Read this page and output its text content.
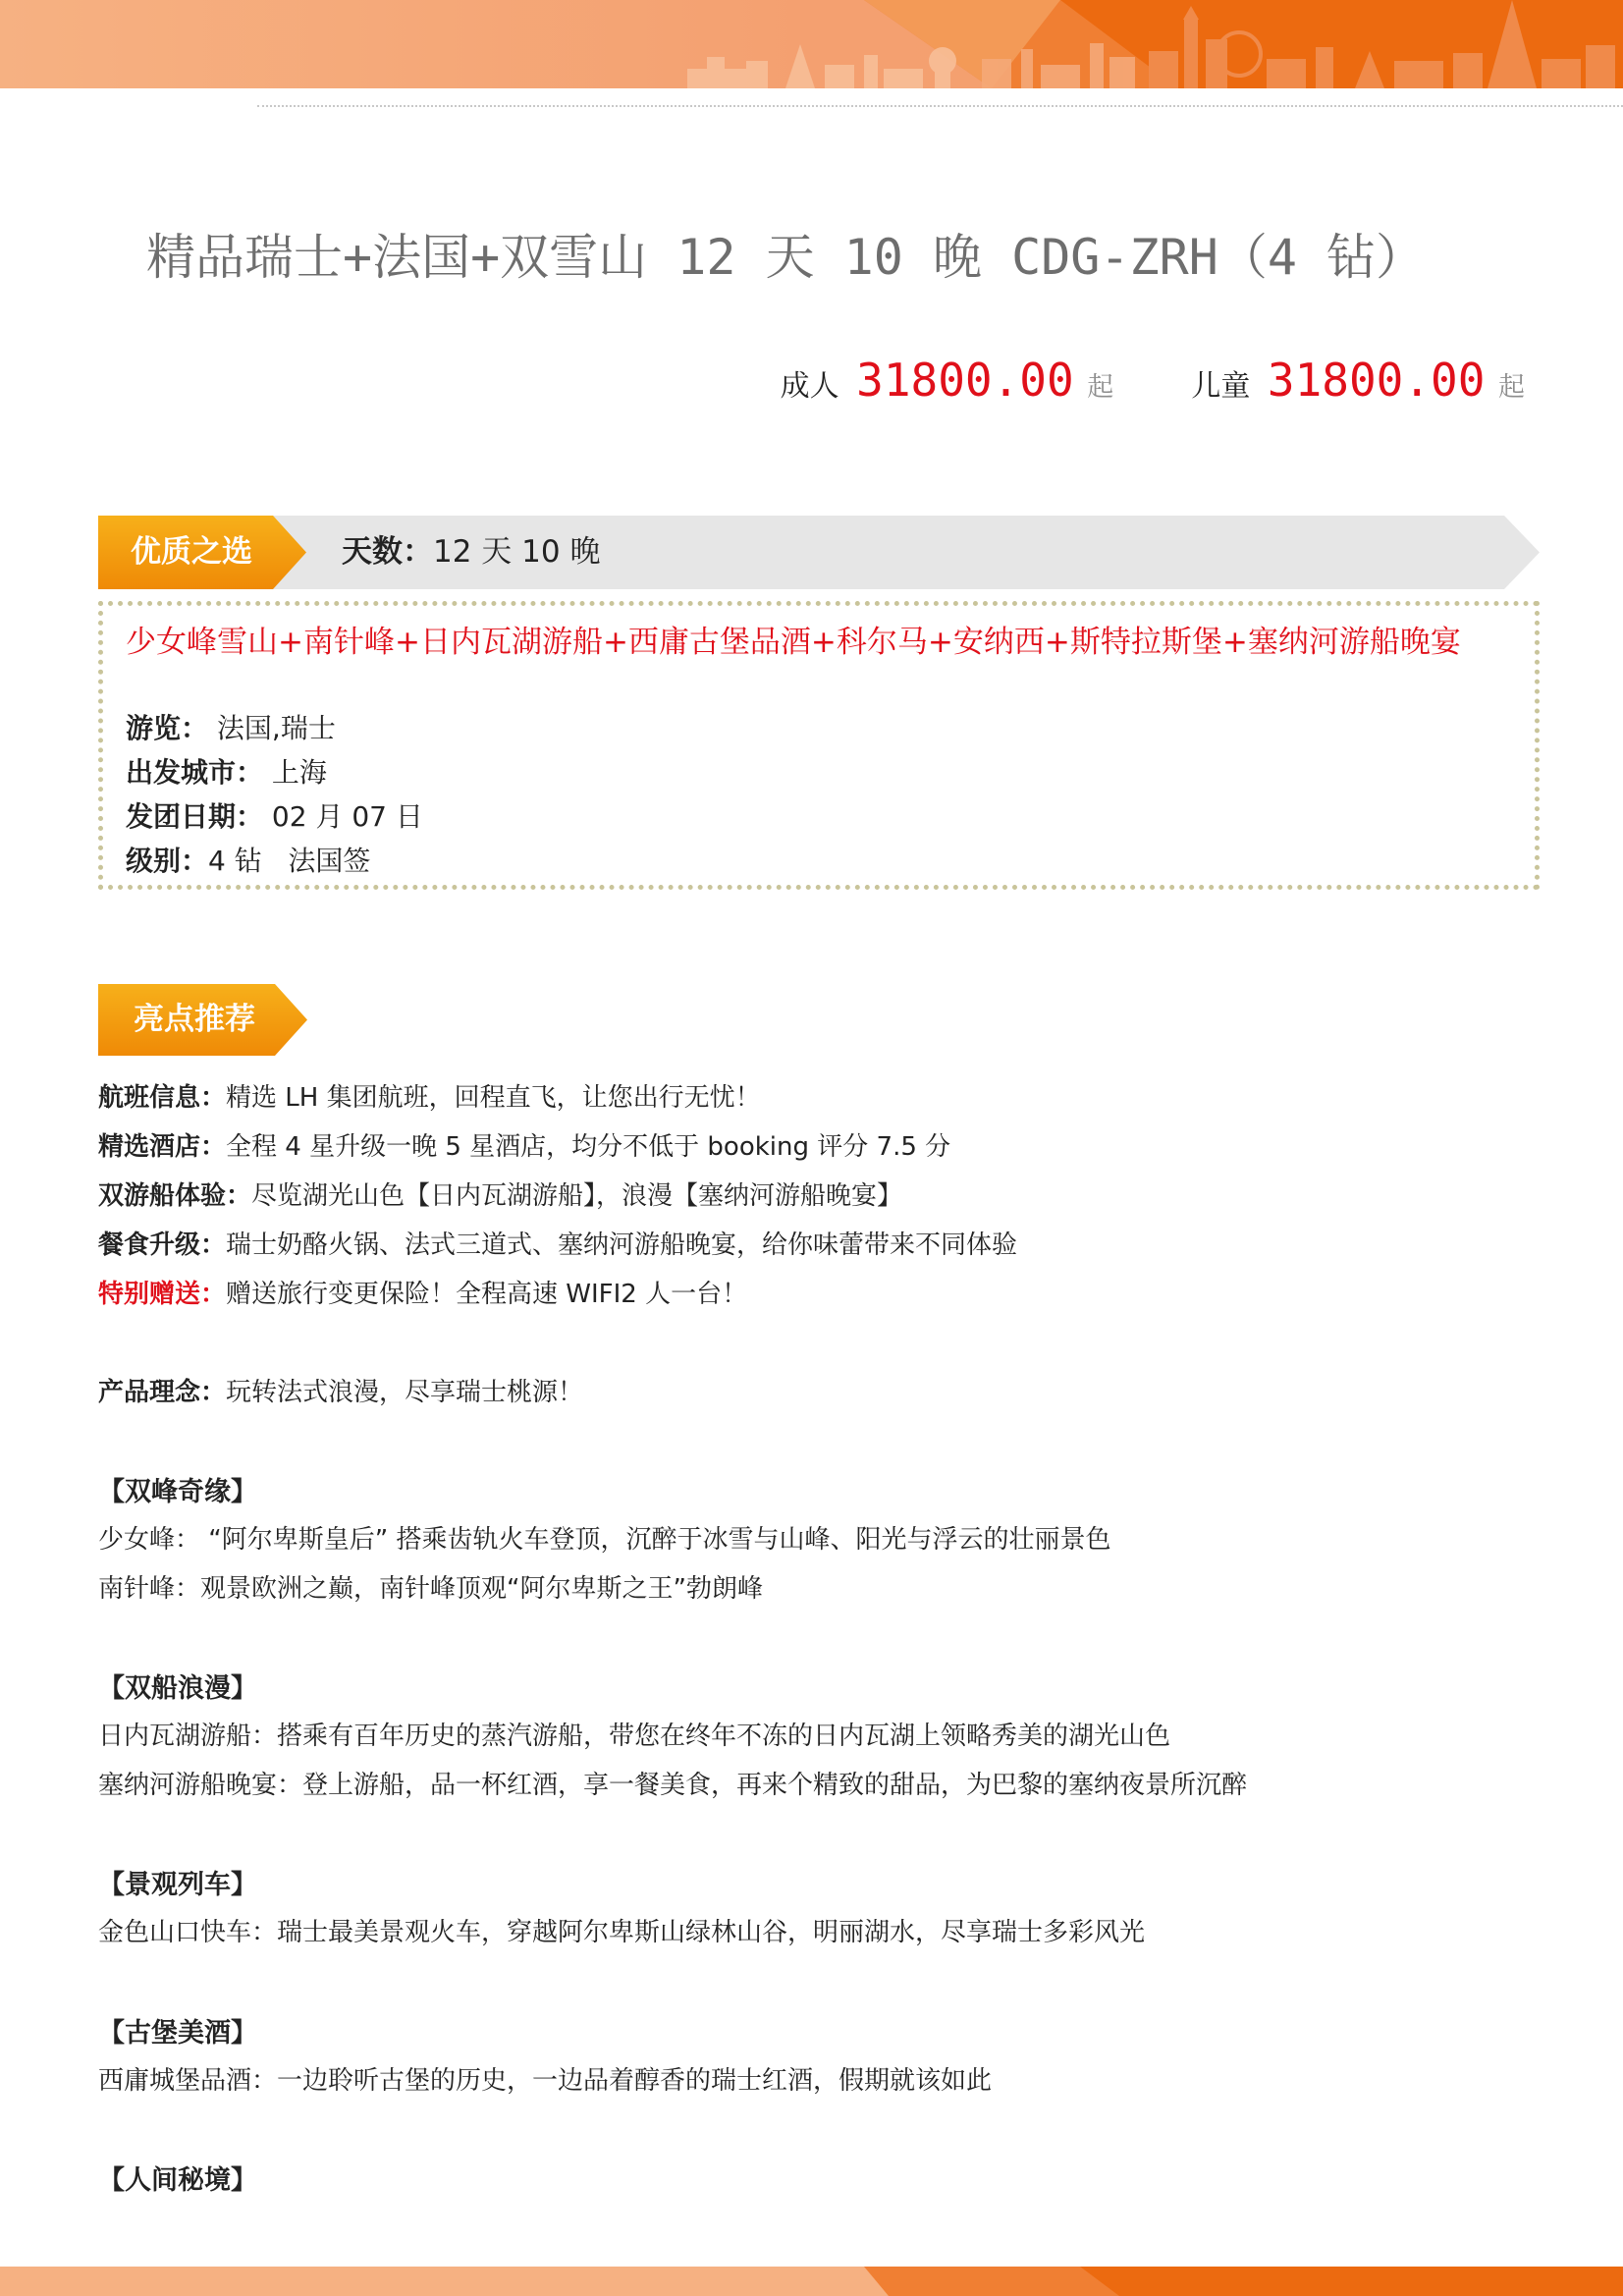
精品瑞士+法国+双雪山 12 天 10 晚 CDG-ZRH（4 钻）
成人 31800.00 起	儿童 31800.00 起
优质之选	天数：12 天 10 晚
少女峰雪山+南针峰+日内瓦湖游船+西庸古堡品酒+科尔马+安纳西+斯特拉斯堡+塞纳河游船晚宴
游览： 法国,瑞士
出发城市： 上海
发团日期： 02 月 07 日
级别：4 钻   法国签
亮点推荐
航班信息：精选 LH 集团航班，回程直飞，让您出行无忧！
精选酒店：全程 4 星升级一晚 5 星酒店，均分不低于 booking 评分 7.5 分
双游船体验：尽览湖光山色【日内瓦湖游船】，浪漫【塞纳河游船晚宴】
餐食升级：瑞士奶酪火锅、法式三道式、塞纳河游船晚宴，给你味蕾带来不同体验
特别赠送：赠送旅行变更保险！全程高速 WIFI2 人一台！
产品理念：玩转法式浪漫，尽享瑞士桃源！
【双峰奇缘】
少女峰： “阿尔卑斯皇后” 搭乘齿轨火车登顶，沉醉于冰雪与山峰、阳光与浮云的壮丽景色
南针峰：观景欧洲之巅，南针峰顶观“阿尔卑斯之王”勃朗峰
【双船浪漫】
日内瓦湖游船：搭乘有百年历史的蒸汽游船，带您在终年不冻的日内瓦湖上领略秀美的湖光山色
塞纳河游船晚宴：登上游船，品一杯红酒，享一餐美食，再来个精致的甜品，为巴黎的塞纳夜景所沉醉
【景观列车】
金色山口快车：瑞士最美景观火车，穿越阿尔卑斯山绿林山谷，明丽湖水，尽享瑞士多彩风光
【古堡美酒】
西庸城堡品酒：一边聆听古堡的历史，一边品着醇香的瑞士红酒，假期就该如此
【人间秘境】
